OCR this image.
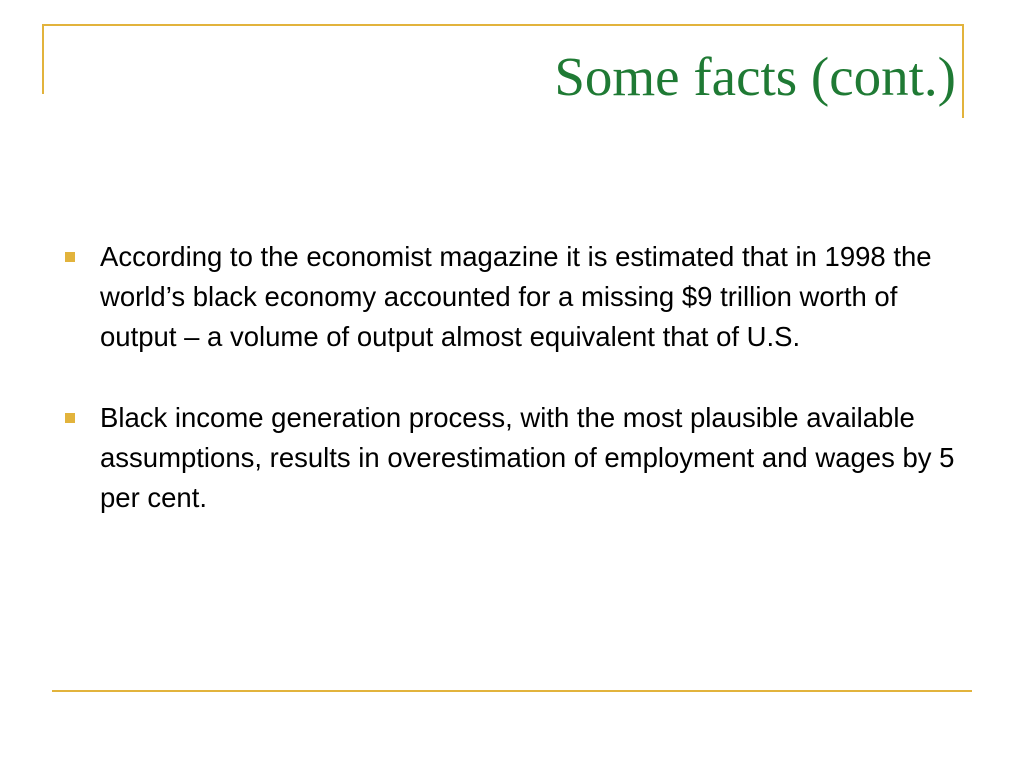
Some facts (cont.)
According to the economist magazine it is estimated that in 1998 the world’s black economy accounted for a missing $9 trillion worth of output – a volume of output almost equivalent that of U.S.
Black income generation process, with the most plausible available assumptions, results in overestimation of employment and wages by 5 per cent.
